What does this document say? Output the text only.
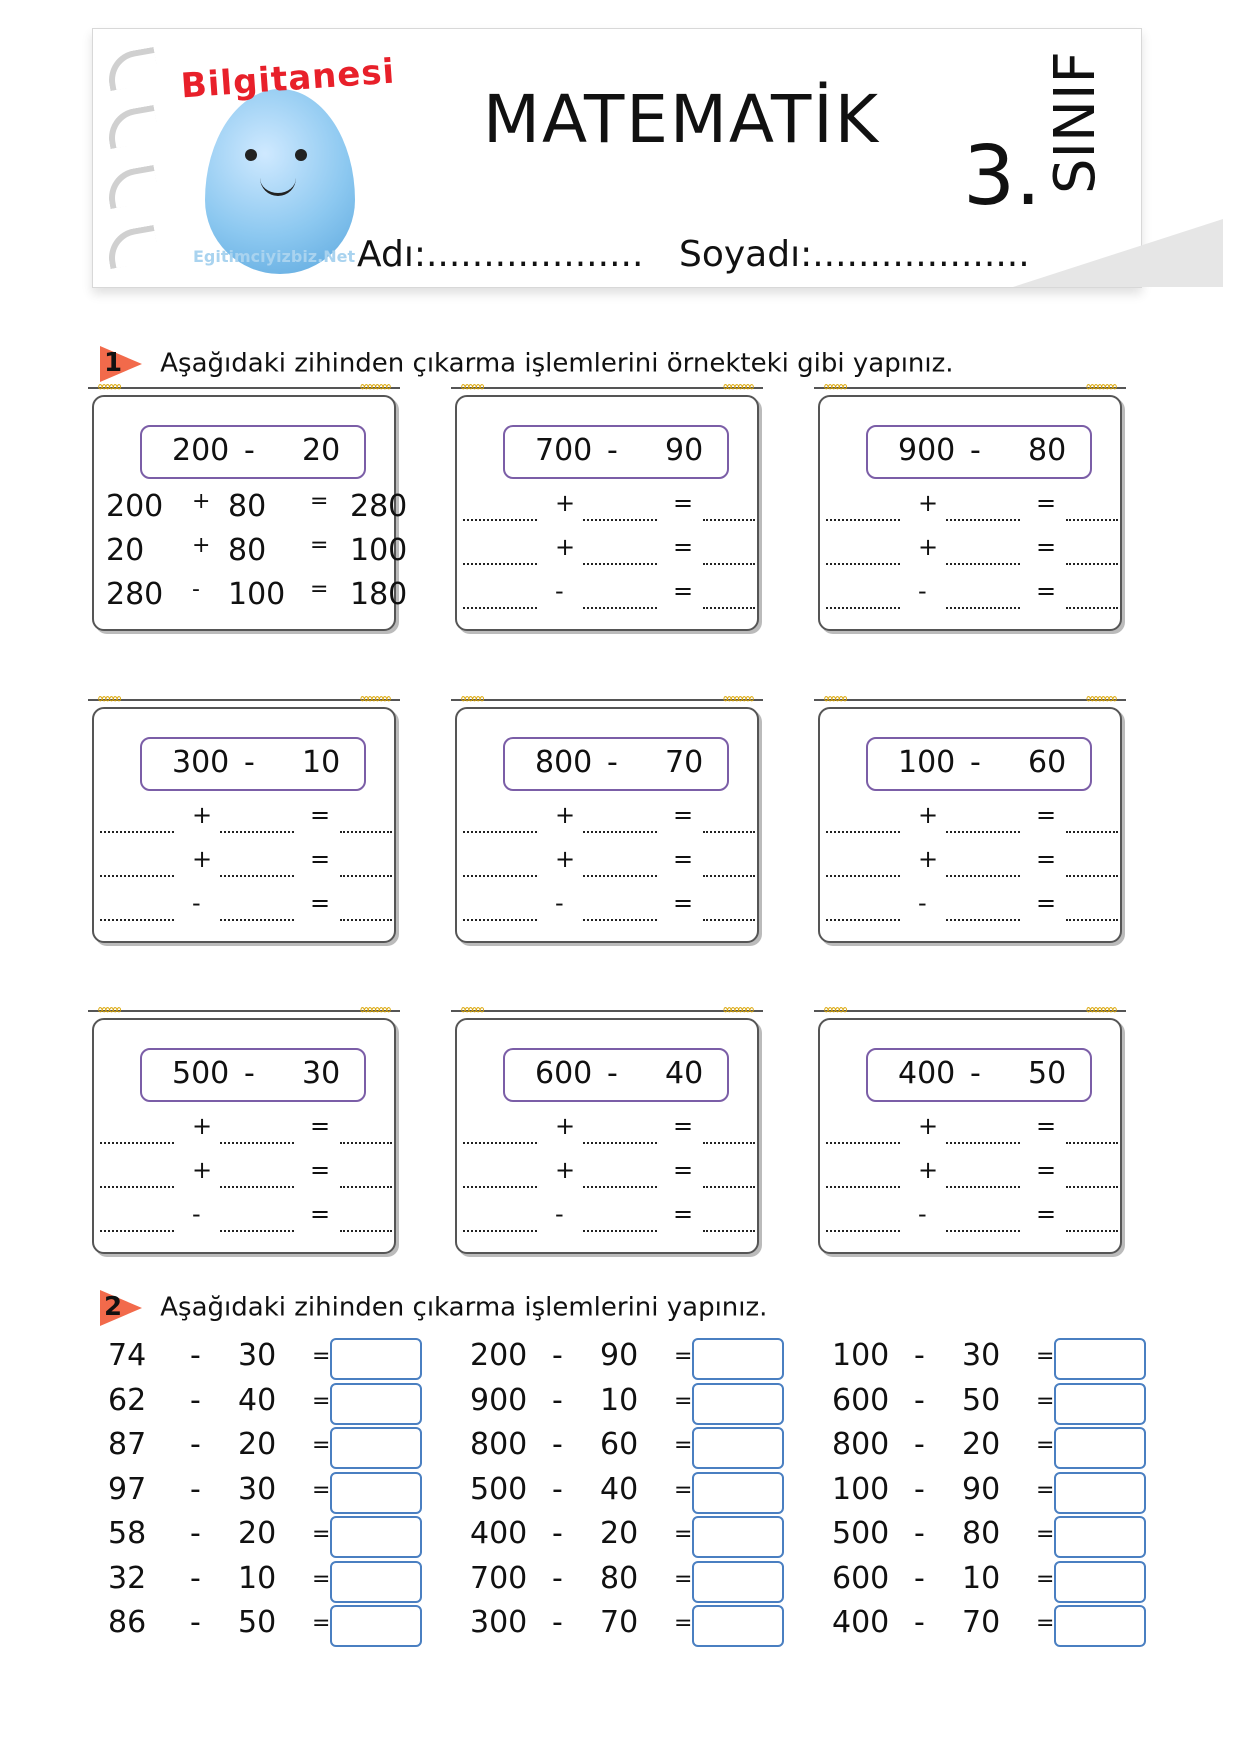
Bilgitanesi
Egitimciyizbiz.Net
MATEMATİK
3. SINIF
Adı:................... Soyadı:...................
1 Aşağıdaki zihinden çıkarma işlemlerini örnekteki gibi yapınız.
∞∞∞	∞∞∞∞
200 - 20
200 + 80 = 280
20 + 80 = 100
280 - 100 = 180
∞∞∞	∞∞∞∞
700 - 90
+	=
+	=
-	=
∞∞∞	∞∞∞∞
900 - 80
+	=
+	=
-	=
∞∞∞	∞∞∞∞
300 - 10
+	=
+	=
-	=
∞∞∞	∞∞∞∞
800 - 70
+	=
+	=
-	=
∞∞∞	∞∞∞∞
100 - 60
+	=
+	=
-	=
∞∞∞	∞∞∞∞
500 - 30
+	=
+	=
-	=
∞∞∞	∞∞∞∞
600 - 40
+	=
+	=
-	=
∞∞∞	∞∞∞∞
400 - 50
+	=
+	=
-	=
2 Aşağıdaki zihinden çıkarma işlemlerini yapınız.
74 - 30 =
62 - 40 =
87 - 20 =
97 - 30 =
58 - 20 =
32 - 10 =
86 - 50 =
200 - 90 =
900 - 10 =
800 - 60 =
500 - 40 =
400 - 20 =
700 - 80 =
300 - 70 =
100 - 30 =
600 - 50 =
800 - 20 =
100 - 90 =
500 - 80 =
600 - 10 =
400 - 70 =
